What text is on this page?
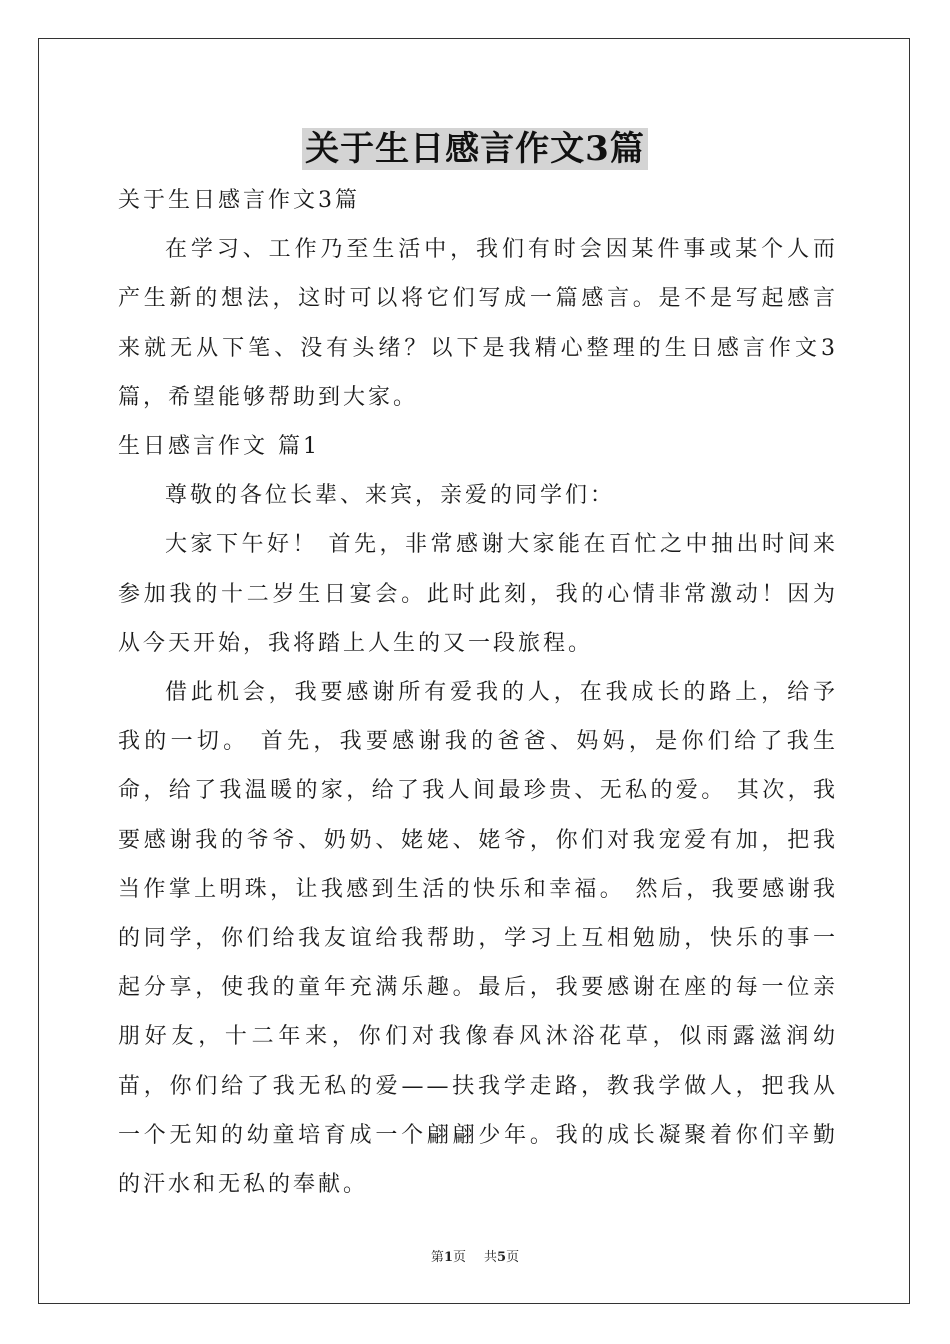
关于生日感言作文3篇

关于生日感言作文3篇

在学习、工作乃至生活中，我们有时会因某件事或某个人而产生新的想法，这时可以将它们写成一篇感言。是不是写起感言来就无从下笔、没有头绪？以下是我精心整理的生日感言作文3篇，希望能够帮助到大家。

生日感言作文 篇1

尊敬的各位长辈、来宾，亲爱的同学们：

大家下午好！ 首先，非常感谢大家能在百忙之中抽出时间来参加我的十二岁生日宴会。此时此刻，我的心情非常激动！因为从今天开始，我将踏上人生的又一段旅程。

借此机会，我要感谢所有爱我的人，在我成长的路上，给予我的一切。 首先，我要感谢我的爸爸、妈妈，是你们给了我生命，给了我温暖的家，给了我人间最珍贵、无私的爱。 其次，我要感谢我的爷爷、奶奶、姥姥、姥爷，你们对我宠爱有加，把我当作掌上明珠，让我感到生活的快乐和幸福。 然后，我要感谢我的同学，你们给我友谊给我帮助，学习上互相勉励，快乐的事一起分享，使我的童年充满乐趣。最后，我要感谢在座的每一位亲朋好友，十二年来，你们对我像春风沐浴花草，似雨露滋润幼苗，你们给了我无私的爱——扶我学走路，教我学做人，把我从一个无知的幼童培育成一个翩翩少年。我的成长凝聚着你们辛勤的汗水和无私的奉献。

第1页 共5页
